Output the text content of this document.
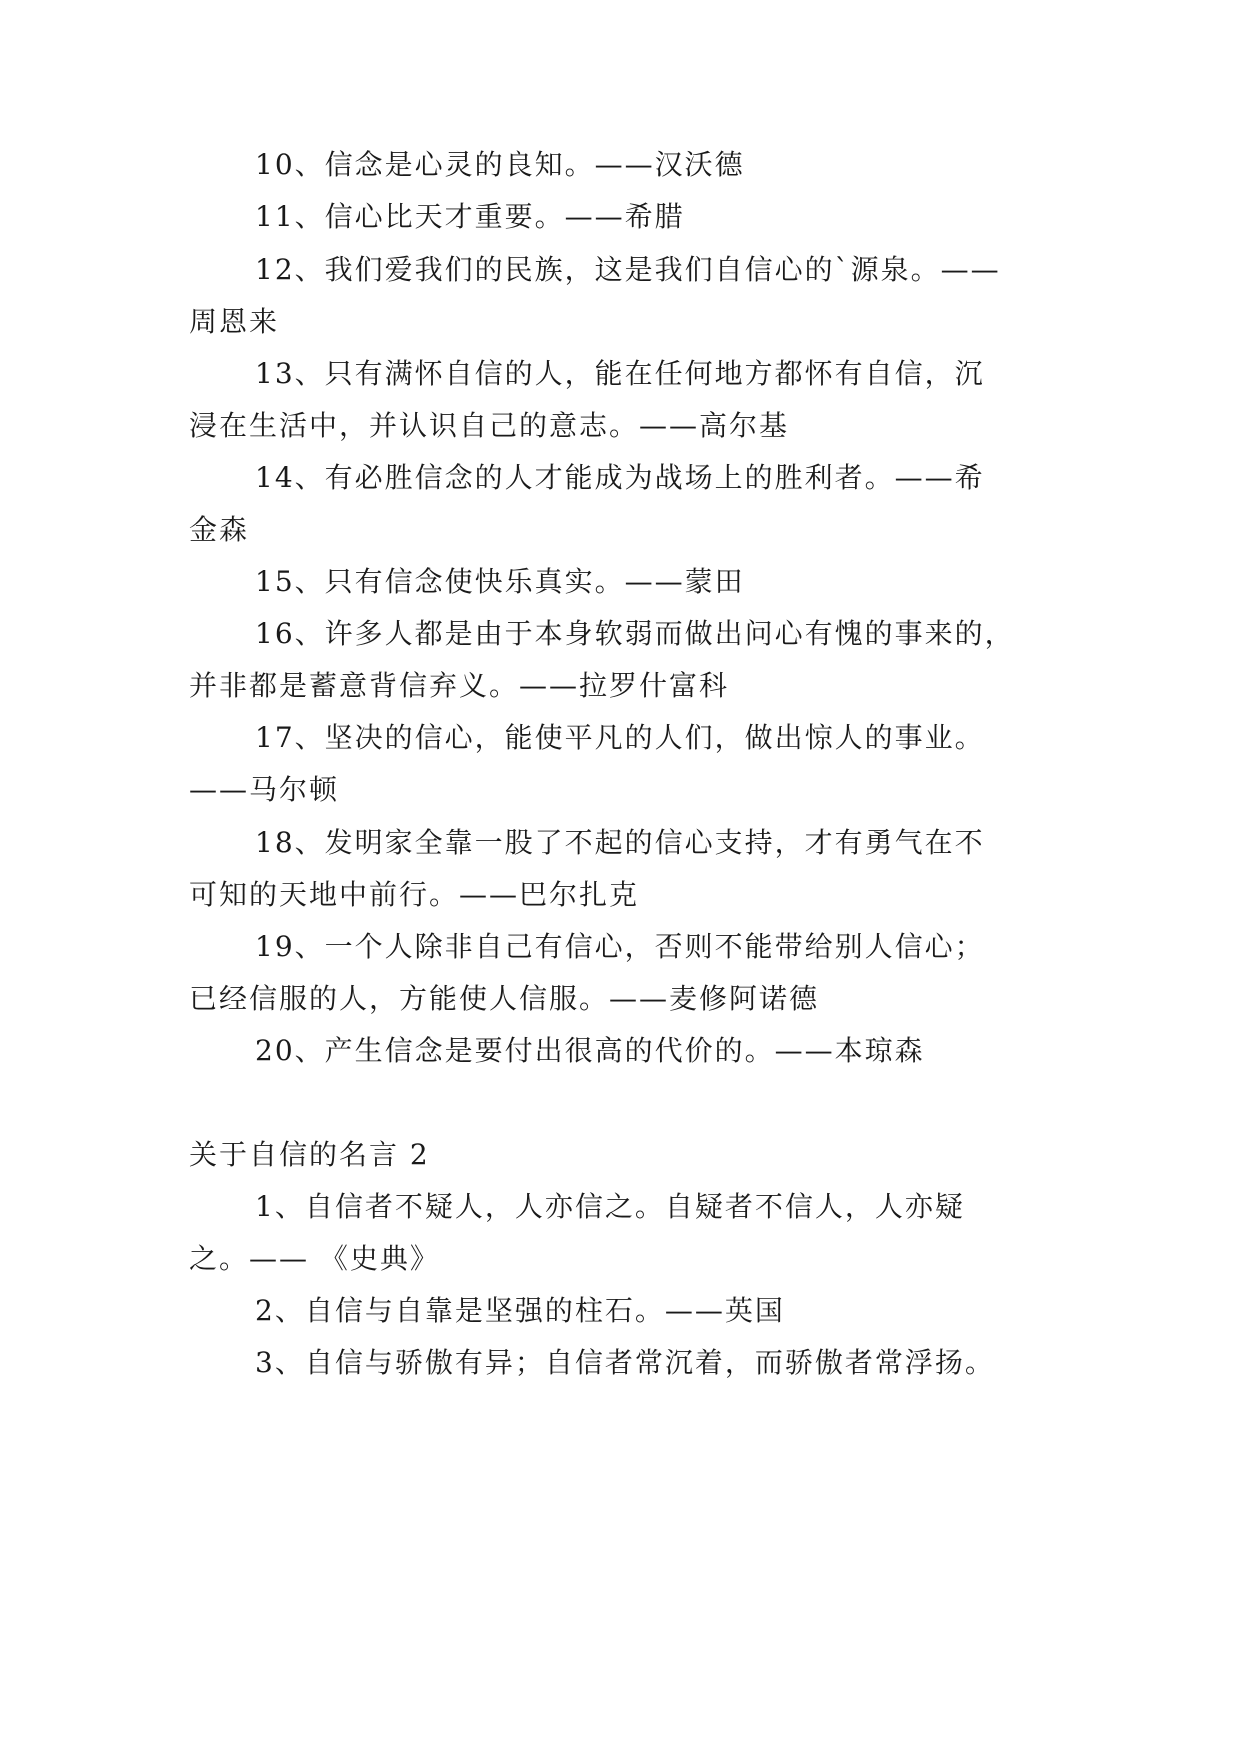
10、信念是心灵的良知。——汉沃德
11、信心比天才重要。——希腊
12、我们爱我们的民族，这是我们自信心的`源泉。——
周恩来
13、只有满怀自信的人，能在任何地方都怀有自信，沉
浸在生活中，并认识自己的意志。——高尔基
14、有必胜信念的人才能成为战场上的胜利者。——希
金森
15、只有信念使快乐真实。——蒙田
16、许多人都是由于本身软弱而做出问心有愧的事来的，
并非都是蓄意背信弃义。——拉罗什富科
17、坚决的信心，能使平凡的人们，做出惊人的事业。
——马尔顿
18、发明家全靠一股了不起的信心支持，才有勇气在不
可知的天地中前行。——巴尔扎克
19、一个人除非自己有信心，否则不能带给别人信心；
已经信服的人，方能使人信服。——麦修阿诺德
20、产生信念是要付出很高的代价的。——本琼森
关于自信的名言 2
1、自信者不疑人，人亦信之。自疑者不信人，人亦疑
之。—— 《史典》
2、自信与自靠是坚强的柱石。——英国
3、自信与骄傲有异；自信者常沉着，而骄傲者常浮扬。
